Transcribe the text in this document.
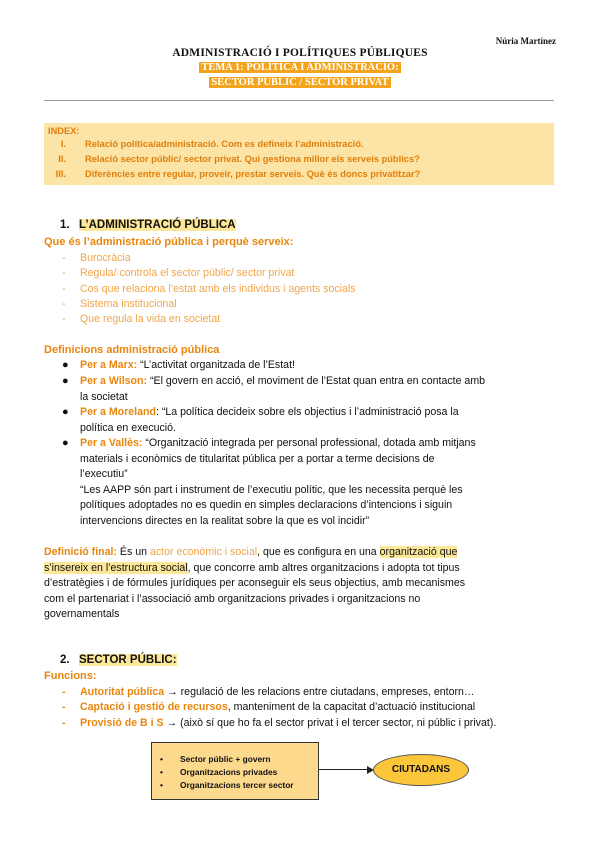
Núria Martínez
ADMINISTRACIÓ I POLÍTIQUES PÚBLIQUES
TEMA 1: POLÍTICA I ADMINISTRACIÓ:
SECTOR PÚBLIC / SECTOR PRIVAT
INDEX:
I. Relació política/administració. Com es defineix l’administració.
II. Relació sector públic/ sector privat. Qui gestiona millor els serveis públics?
III. Diferències entre regular, proveir, prestar serveis. Què és doncs privatitzar?
1. L’ADMINISTRACIÓ PÚBLICA
Que és l’administració pública i perquè serveix:
- Burocràcia
- Regula/ controla el sector públic/ sector privat
- Cos que relaciona l’estat amb els individus i agents socials
- Sistema institucional
- Que regula la vida en societat
Definicions administració pública
● Per a Marx: “L’activitat organitzada de l’Estat!
● Per a Wilson: “El govern en acció, el moviment de l’Estat quan entra en contacte amb
la societat
● Per a Moreland: “La política decideix sobre els objectius i l’administració posa la
política en execució.
● Per a Vallès: “Organització integrada per personal professional, dotada amb mitjans
materials i econòmics de titularitat pública per a portar a terme decisions de
l’executiu”
“Les AAPP són part i instrument de l’executiu polític, que les necessita perquè les
polítiques adoptades no es quedin en simples declaracions d’intencions i siguin
intervencions directes en la realitat sobre la que es vol incidir”
Definició final: És un actor econòmic i social, que es configura en una organització que
s’insereix en l’estructura social, que concorre amb altres organitzacions i adopta tot tipus
d’estratègies i de fórmules jurídiques per aconseguir els seus objectius, amb mecanismes
com el partenariat i l’associació amb organitzacions privades i organitzacions no
governamentals
2. SECTOR PÚBLIC:
Funcions:
- Autoritat pública → regulació de les relacions entre ciutadans, empreses, entorn…
- Captació i gestió de recursos, manteniment de la capacitat d’actuació institucional
- Provisió de B i S → (això sí que ho fa el sector privat i el tercer sector, ni públic i privat).
• Sector públic + govern
• Organitzacions privades
• Organitzacions tercer sector
CIUTADANS
